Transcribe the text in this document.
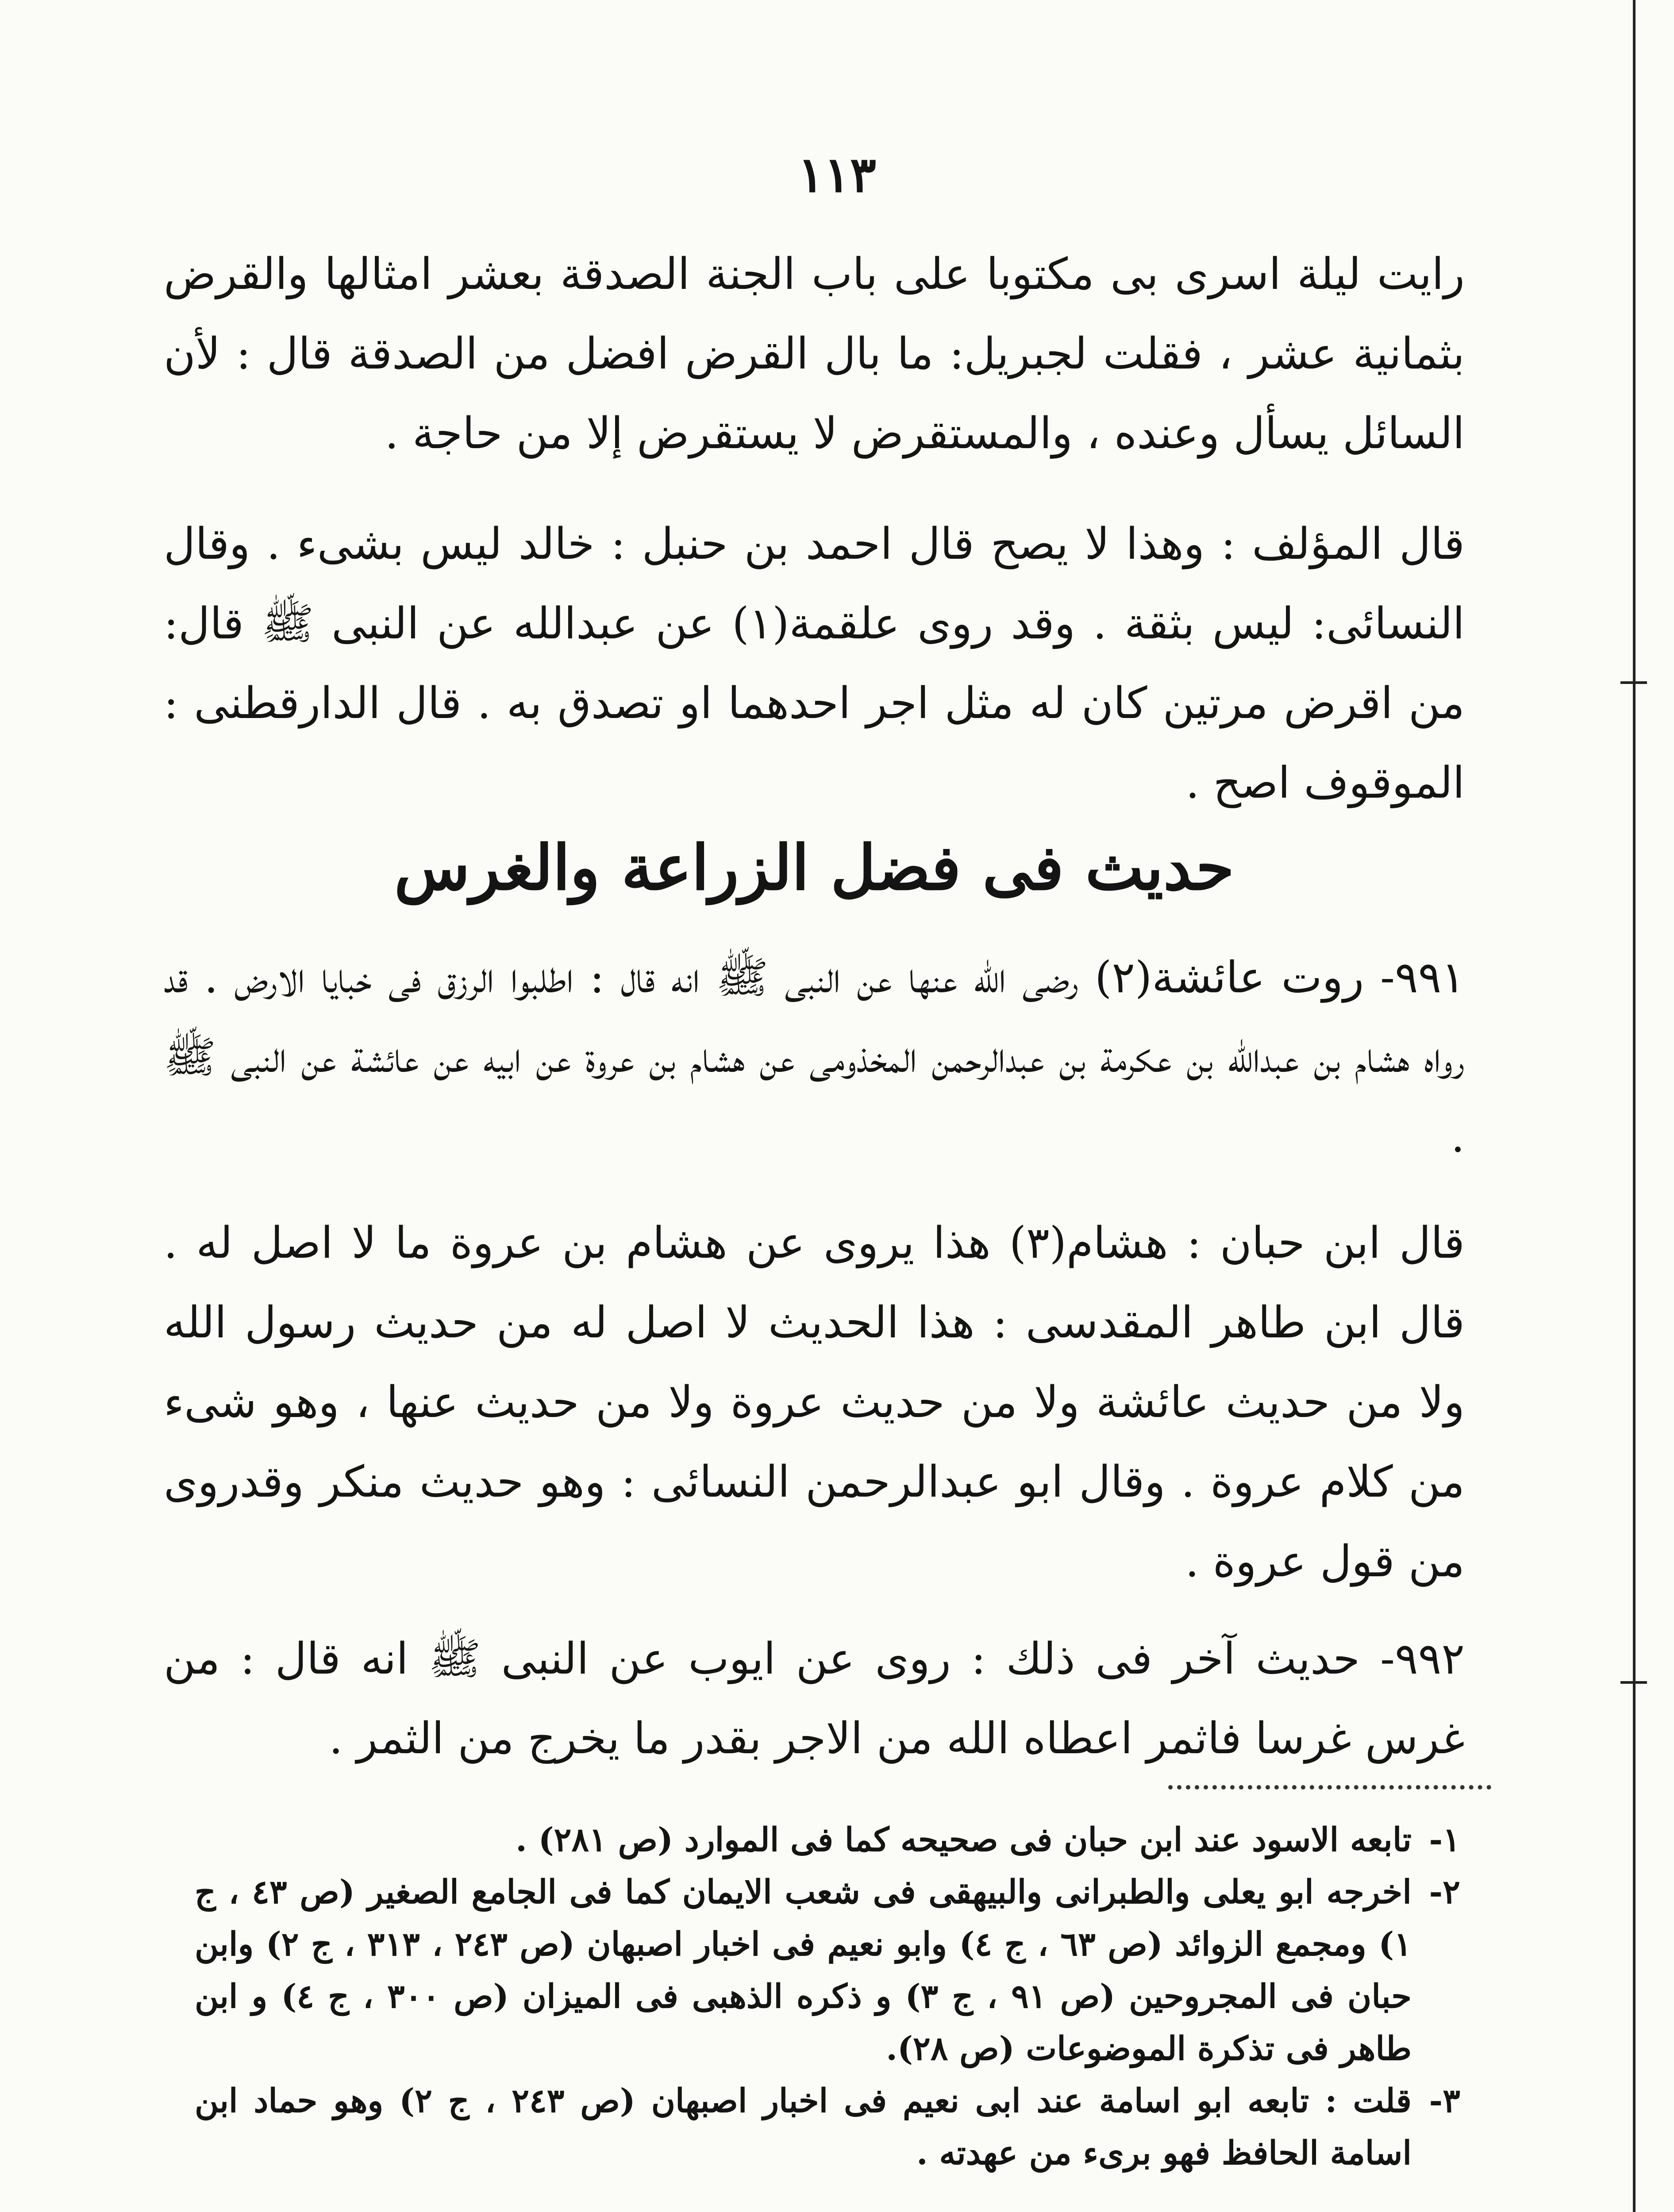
١١٣

رايت ليلة اسرى بى مكتوبا على باب الجنة الصدقة بعشر امثالها والقرض بثمانية عشر ، فقلت لجبريل: ما بال القرض افضل من الصدقة قال : لأن السائل يسأل وعنده ، والمستقرض لا يستقرض إلا من حاجة .

قال المؤلف : وهذا لا يصح قال احمد بن حنبل : خالد ليس بشىء . وقال النسائى: ليس بثقة . وقد روى علقمة(١) عن عبدالله عن النبى ﷺ قال: من اقرض مرتين كان له مثل اجر احدهما او تصدق به . قال الدارقطنى : الموقوف اصح .

حديث فى فضل الزراعة والغرس

٩٩١- روت عائشة(٢) رضى الله عنها عن النبى ﷺ انه قال : اطلبوا الرزق فى خبايا الارض . قد رواه هشام بن عبدالله بن عكرمة بن عبدالرحمن المخذومى عن هشام بن عروة عن ابيه عن عائشة عن النبى ﷺ .

قال ابن حبان : هشام(٣) هذا يروى عن هشام بن عروة ما لا اصل له . قال ابن طاهر المقدسى : هذا الحديث لا اصل له من حديث رسول الله ولا من حديث عائشة ولا من حديث عروة ولا من حديث عنها ، وهو شىء من كلام عروة . وقال ابو عبدالرحمن النسائى : وهو حديث منكر وقدروى من قول عروة .

٩٩٢- حديث آخر فى ذلك : روى عن ايوب عن النبى ﷺ انه قال : من غرس غرسا فاثمر اعطاه الله من الاجر بقدر ما يخرج من الثمر .

١-
تابعه الاسود عند ابن حبان فى صحيحه كما فى الموارد (ص ٢٨١) .
٢-
اخرجه ابو يعلى والطبرانى والبيهقى فى شعب الايمان كما فى الجامع الصغير (ص ٤٣ ، ج ١) ومجمع الزوائد (ص ٦٣ ، ج ٤) وابو نعيم فى اخبار اصبهان (ص ٢٤٣ ، ٣١٣ ، ج ٢) وابن حبان فى المجروحين (ص ٩١ ، ج ٣) و ذكره الذهبى فى الميزان (ص ٣٠٠ ، ج ٤) و ابن طاهر فى تذكرة الموضوعات (ص ٢٨).
٣-
قلت : تابعه ابو اسامة عند ابى نعيم فى اخبار اصبهان (ص ٢٤٣ ، ج ٢) وهو حماد ابن اسامة الحافظ فهو برىء من عهدته .
